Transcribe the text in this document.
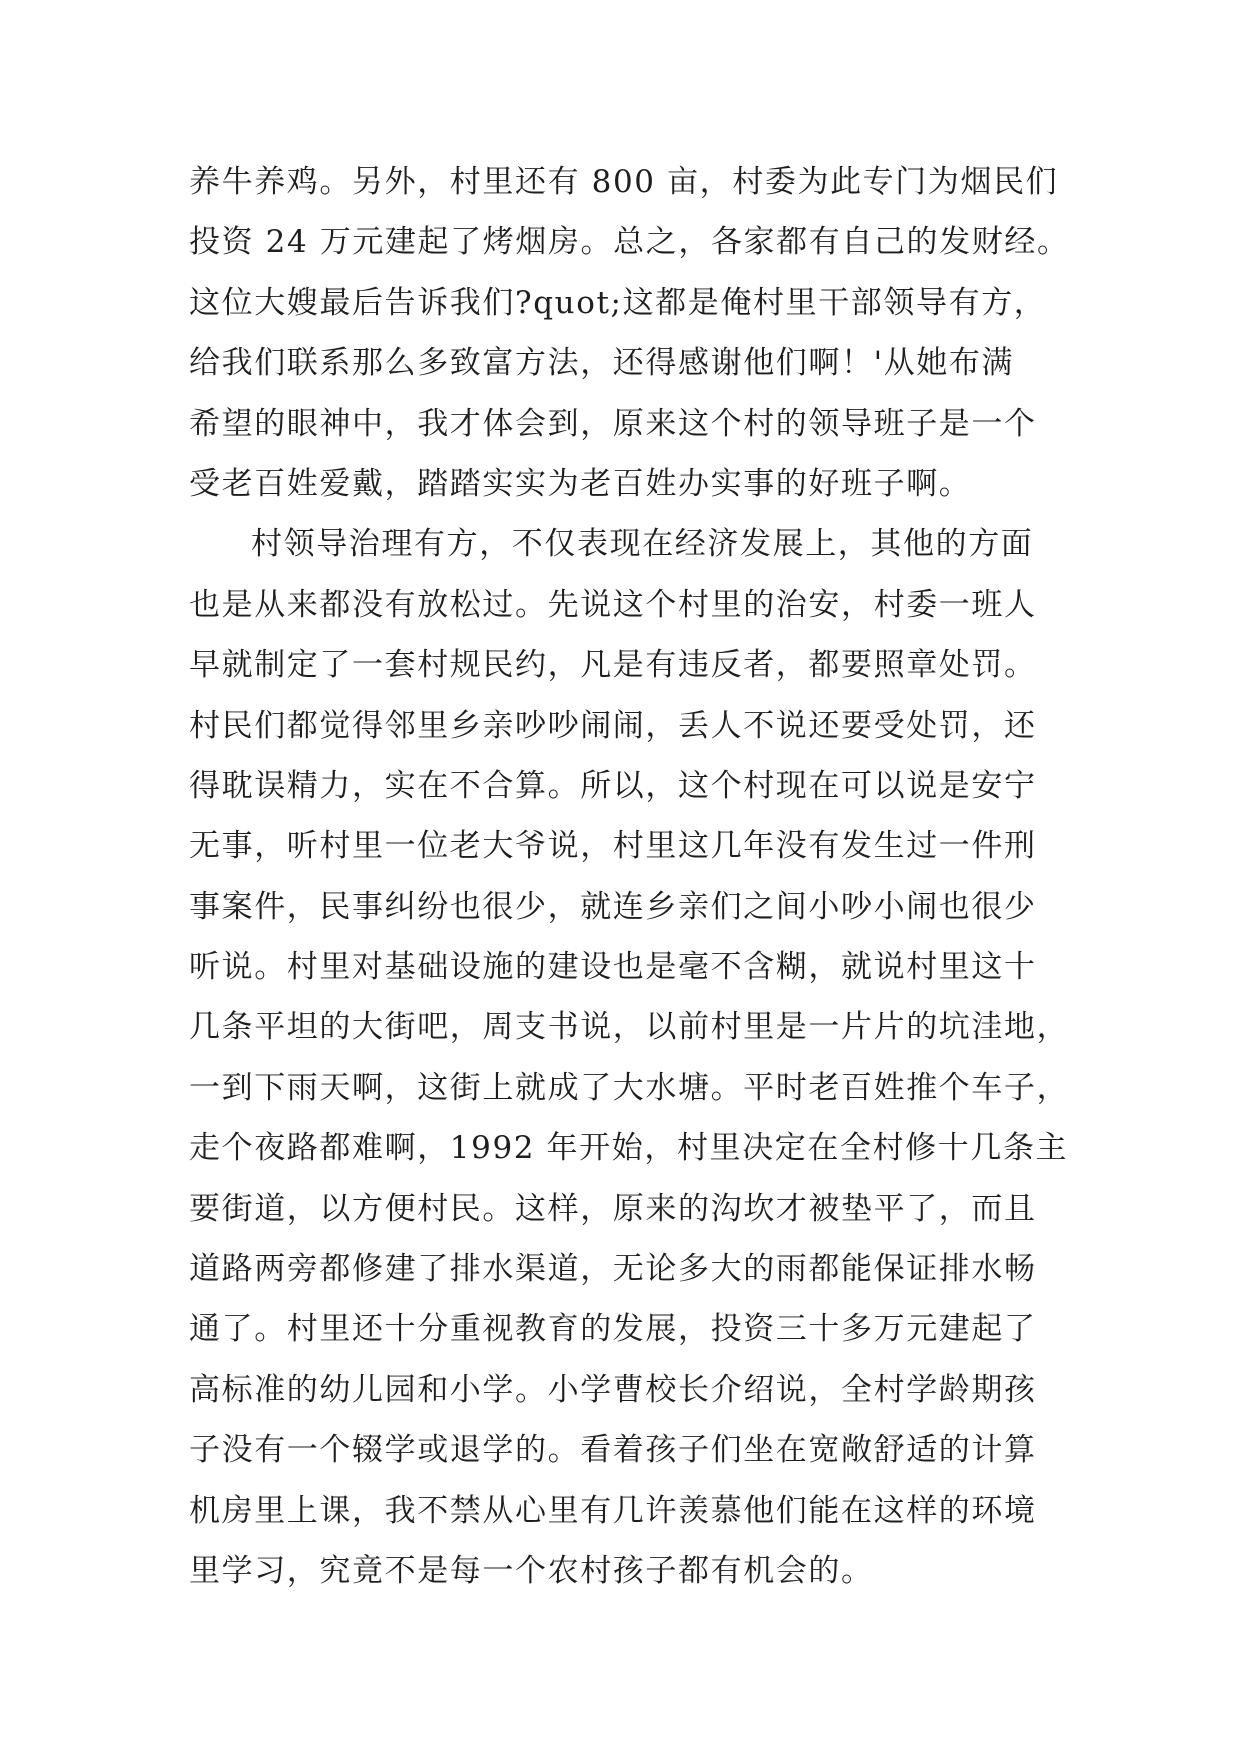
养牛养鸡。另外，村里还有 800 亩，村委为此专门为烟民们
投资 24 万元建起了烤烟房。总之，各家都有自己的发财经。
这位大嫂最后告诉我们?quot;这都是俺村里干部领导有方，
给我们联系那么多致富方法，还得感谢他们啊！'从她布满
希望的眼神中，我才体会到，原来这个村的领导班子是一个
受老百姓爱戴，踏踏实实为老百姓办实事的好班子啊。
村领导治理有方，不仅表现在经济发展上，其他的方面
也是从来都没有放松过。先说这个村里的治安，村委一班人
早就制定了一套村规民约，凡是有违反者，都要照章处罚。
村民们都觉得邻里乡亲吵吵闹闹，丢人不说还要受处罚，还
得耽误精力，实在不合算。所以，这个村现在可以说是安宁
无事，听村里一位老大爷说，村里这几年没有发生过一件刑
事案件，民事纠纷也很少，就连乡亲们之间小吵小闹也很少
听说。村里对基础设施的建设也是毫不含糊，就说村里这十
几条平坦的大街吧，周支书说，以前村里是一片片的坑洼地，
一到下雨天啊，这街上就成了大水塘。平时老百姓推个车子，
走个夜路都难啊，1992 年开始，村里决定在全村修十几条主
要街道，以方便村民。这样，原来的沟坎才被垫平了，而且
道路两旁都修建了排水渠道，无论多大的雨都能保证排水畅
通了。村里还十分重视教育的发展，投资三十多万元建起了
高标准的幼儿园和小学。小学曹校长介绍说，全村学龄期孩
子没有一个辍学或退学的。看着孩子们坐在宽敞舒适的计算
机房里上课，我不禁从心里有几许羡慕他们能在这样的环境
里学习，究竟不是每一个农村孩子都有机会的。
